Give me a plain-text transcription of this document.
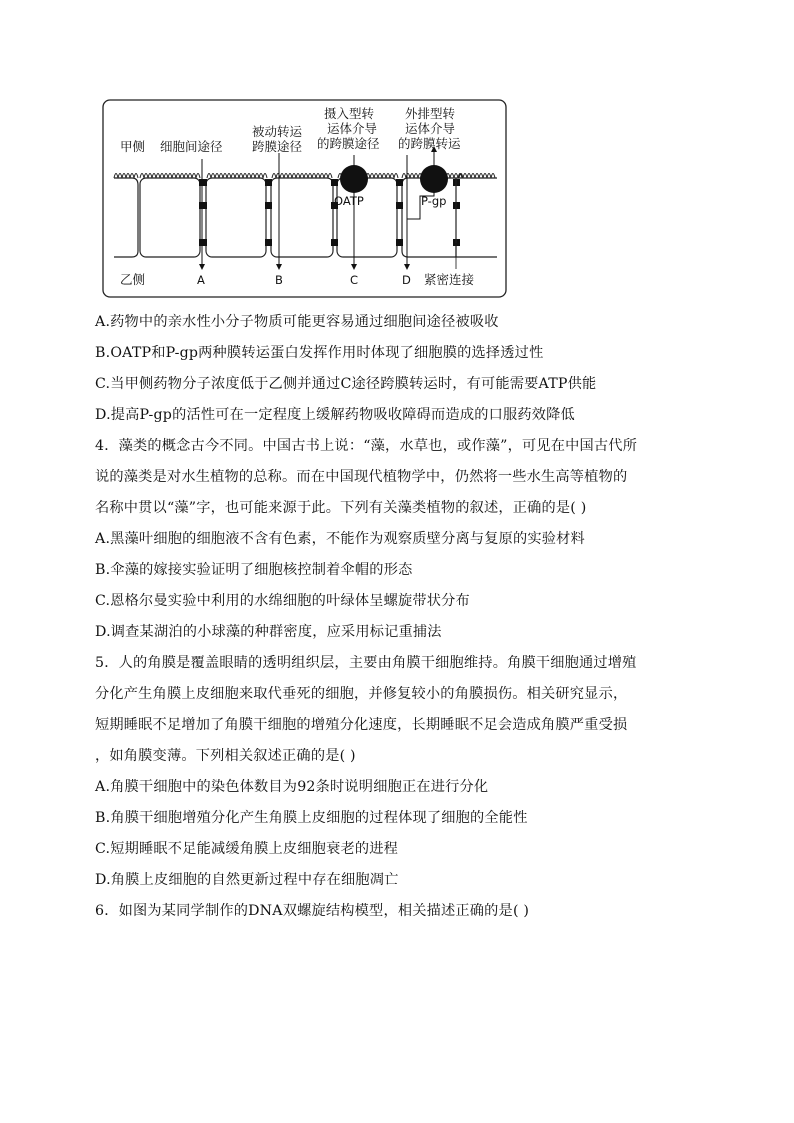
甲侧 细胞间途径
被动转运
跨膜途径
摄入型转
运体介导
的跨膜途径
外排型转
运体介导
的跨膜转运
OATP	P-gp
乙侧	A	B	C	D 紧密连接
A.药物中的亲水性小分子物质可能更容易通过细胞间途径被吸收
B.OATP和P-gp两种膜转运蛋白发挥作用时体现了细胞膜的选择透过性
C.当甲侧药物分子浓度低于乙侧并通过C途径跨膜转运时，有可能需要ATP供能
D.提高P-gp的活性可在一定程度上缓解药物吸收障碍而造成的口服药效降低
4．藻类的概念古今不同。中国古书上说：“藻，水草也，或作藻”，可见在中国古代所
说的藻类是对水生植物的总称。而在中国现代植物学中，仍然将一些水生高等植物的
名称中贯以“藻”字，也可能来源于此。下列有关藻类植物的叙述，正确的是( )
A.黑藻叶细胞的细胞液不含有色素，不能作为观察质壁分离与复原的实验材料
B.伞藻的嫁接实验证明了细胞核控制着伞帽的形态
C.恩格尔曼实验中利用的水绵细胞的叶绿体呈螺旋带状分布
D.调查某湖泊的小球藻的种群密度，应采用标记重捕法
5．人的角膜是覆盖眼睛的透明组织层，主要由角膜干细胞维持。角膜干细胞通过增殖
分化产生角膜上皮细胞来取代垂死的细胞，并修复较小的角膜损伤。相关研究显示，
短期睡眠不足增加了角膜干细胞的增殖分化速度，长期睡眠不足会造成角膜严重受损
，如角膜变薄。下列相关叙述正确的是( )
A.角膜干细胞中的染色体数目为92条时说明细胞正在进行分化
B.角膜干细胞增殖分化产生角膜上皮细胞的过程体现了细胞的全能性
C.短期睡眠不足能减缓角膜上皮细胞衰老的进程
D.角膜上皮细胞的自然更新过程中存在细胞凋亡
6．如图为某同学制作的DNA双螺旋结构模型，相关描述正确的是( )
